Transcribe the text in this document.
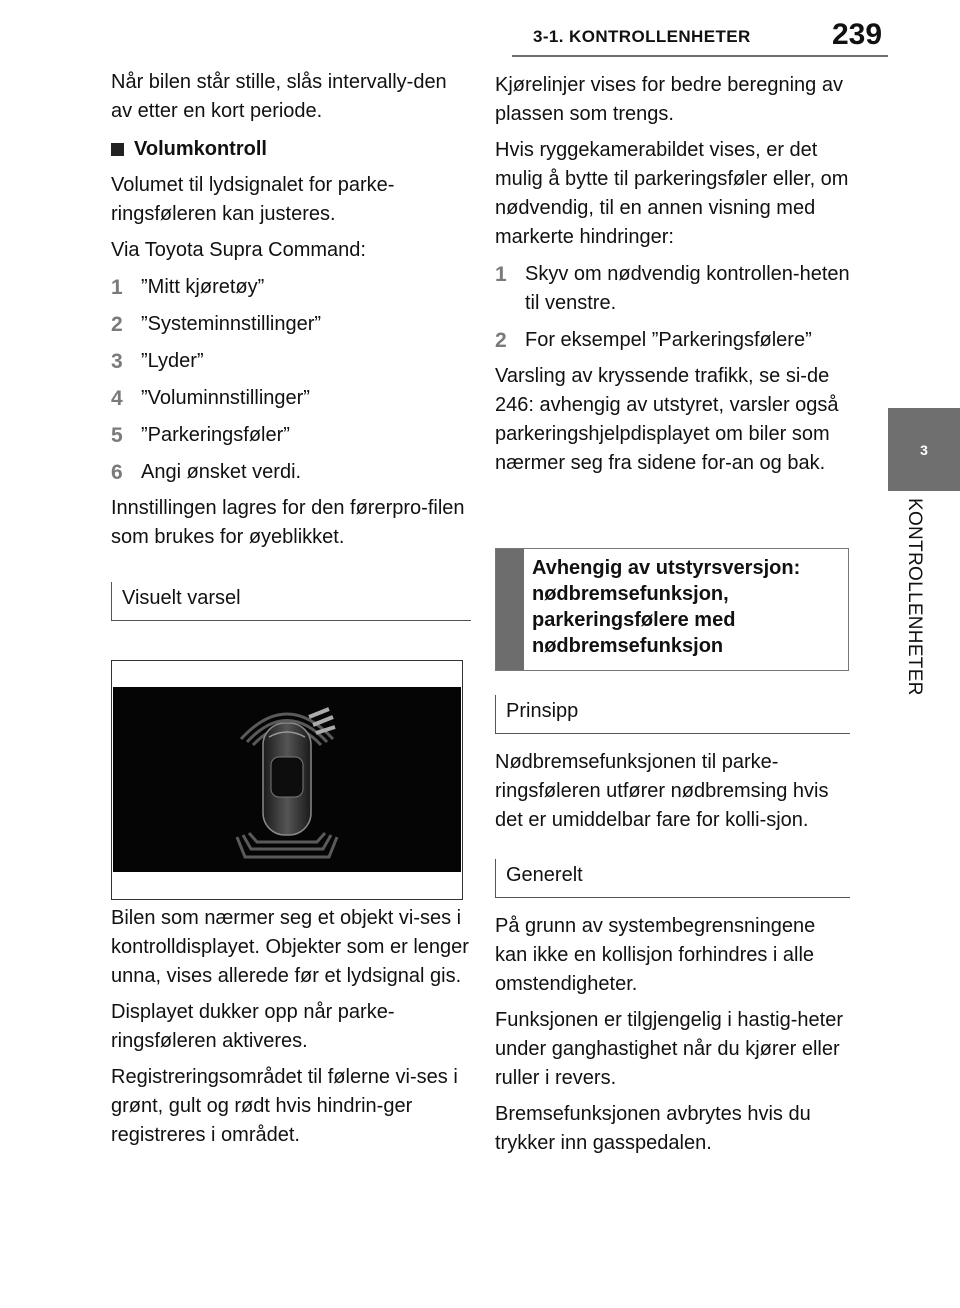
3-1. KONTROLLENHETER	239
3
KONTROLLENHETER

Når bilen står stille, slås intervally-den av etter en kort periode.

Volumkontroll

Volumet til lydsignalet for parke-ringsføleren kan justeres.

Via Toyota Supra Command:

1 ”Mitt kjøretøy”
2 ”Systeminnstillinger”
3 ”Lyder”
4 ”Voluminnstillinger”
5 ”Parkeringsføler”
6 Angi ønsket verdi.

Innstillingen lagres for den førerpro-filen som brukes for øyeblikket.

Visuelt varsel

Bilen som nærmer seg et objekt vi-ses i kontrolldisplayet. Objekter som er lenger unna, vises allerede før et lydsignal gis.

Displayet dukker opp når parke-ringsføleren aktiveres.

Registreringsområdet til følerne vi-ses i grønt, gult og rødt hvis hindrin-ger registreres i området.

Kjørelinjer vises for bedre beregning av plassen som trengs.

Hvis ryggekamerabildet vises, er det mulig å bytte til parkeringsføler eller, om nødvendig, til en annen visning med markerte hindringer:

1 Skyv om nødvendig kontrollen-heten til venstre.
2 For eksempel ”Parkeringsfølere”

Varsling av kryssende trafikk, se si-de 246: avhengig av utstyret, varsler også parkeringshjelpdisplayet om biler som nærmer seg fra sidene for-an og bak.

Avhengig av utstyrsversjon: nødbremsefunksjon, parkeringsfølere med nødbremsefunksjon
Prinsipp

Nødbremsefunksjonen til parke-ringsføleren utfører nødbremsing hvis det er umiddelbar fare for kolli-sjon.

Generelt

På grunn av systembegrensningene kan ikke en kollisjon forhindres i alle omstendigheter.

Funksjonen er tilgjengelig i hastig-heter under ganghastighet når du kjører eller ruller i revers.

Bremsefunksjonen avbrytes hvis du trykker inn gasspedalen.
